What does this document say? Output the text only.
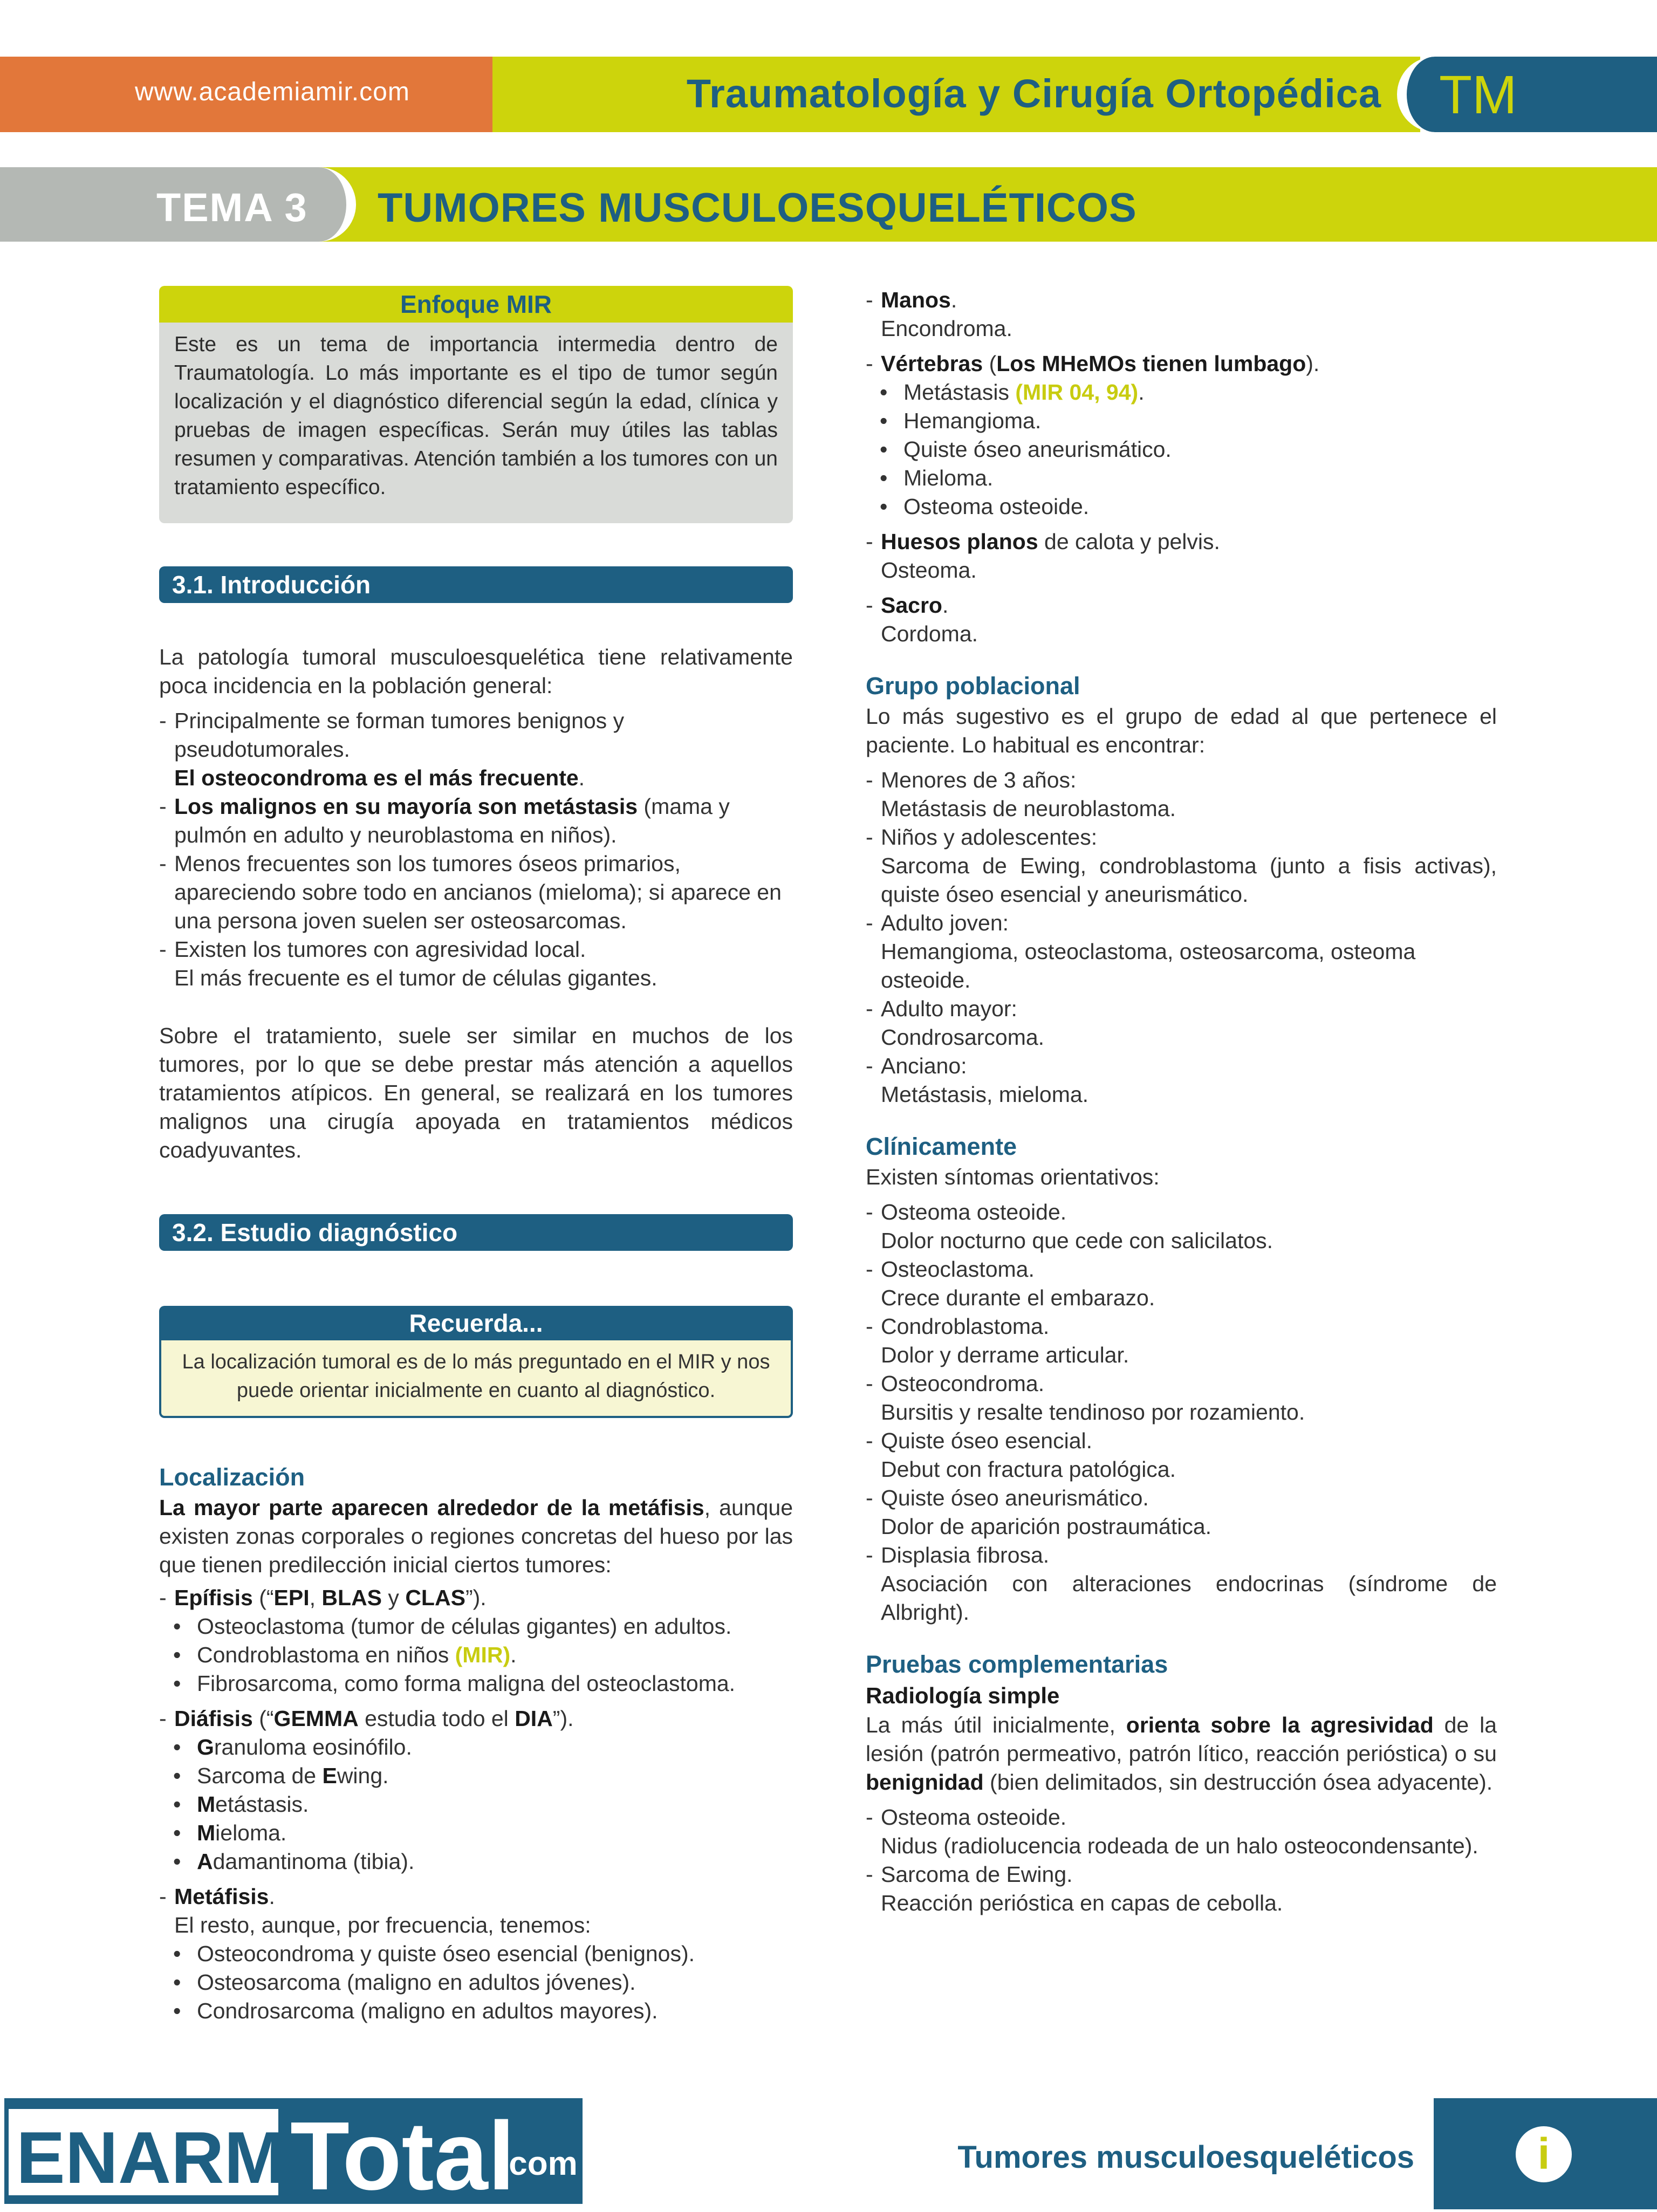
www.academiamir.com	Traumatología y Cirugía Ortopédica TM
TEMA 3 TUMORES MUSCULOESQUELÉTICOS
Enfoque MIR
Este es un tema de importancia intermedia dentro de Traumatología. Lo más importante es el tipo de tumor según localización y el diagnóstico diferencial según la edad, clínica y pruebas de imagen específicas. Serán muy útiles las tablas resumen y comparativas. Atención también a los tumores con un tratamiento específico.
3.1. Introducción

La patología tumoral musculoesquelética tiene relativamente poca incidencia en la población general:

- Principalmente se forman tumores benignos y pseudotumorales.
El osteocondroma es el más frecuente.
- Los malignos en su mayoría son metástasis (mama y pulmón en adulto y neuroblastoma en niños).
- Menos frecuentes son los tumores óseos primarios, apareciendo sobre todo en ancianos (mieloma); si aparece en una persona joven suelen ser osteosarcomas.
- Existen los tumores con agresividad local.
El más frecuente es el tumor de células gigantes.

Sobre el tratamiento, suele ser similar en muchos de los tumores, por lo que se debe prestar más atención a aquellos tratamientos atípicos. En general, se realizará en los tumores malignos una cirugía apoyada en tratamientos médicos coadyuvantes.

3.2. Estudio diagnóstico
Recuerda...
La localización tumoral es de lo más preguntado en el MIR y nos puede orientar inicialmente en cuanto al diagnóstico.
Localización

La mayor parte aparecen alrededor de la metáfisis, aunque existen zonas corporales o regiones concretas del hueso por las que tienen predilección inicial ciertos tumores:

- Epífisis (“EPI, BLAS y CLAS”).
• Osteoclastoma (tumor de células gigantes) en adultos.
• Condroblastoma en niños (MIR).
• Fibrosarcoma, como forma maligna del osteoclastoma.
- Diáfisis (“GEMMA estudia todo el DIA”).
• Granuloma eosinófilo.
• Sarcoma de Ewing.
• Metástasis.
• Mieloma.
• Adamantinoma (tibia).
- Metáfisis.
El resto, aunque, por frecuencia, tenemos:
• Osteocondroma y quiste óseo esencial (benignos).
• Osteosarcoma (maligno en adultos jóvenes).
• Condrosarcoma (maligno en adultos mayores).
- Manos.
Encondroma.
- Vértebras (Los MHeMOs tienen lumbago).
• Metástasis (MIR 04, 94).
• Hemangioma.
• Quiste óseo aneurismático.
• Mieloma.
• Osteoma osteoide.
- Huesos planos de calota y pelvis.
Osteoma.
- Sacro.
Cordoma.
Grupo poblacional

Lo más sugestivo es el grupo de edad al que pertenece el paciente. Lo habitual es encontrar:

- Menores de 3 años:
Metástasis de neuroblastoma.
- Niños y adolescentes:

Sarcoma de Ewing, condroblastoma (junto a fisis activas), quiste óseo esencial y aneurismático.

- Adulto joven:
Hemangioma, osteoclastoma, osteosarcoma, osteoma osteoide.
- Adulto mayor:
Condrosarcoma.
- Anciano:
Metástasis, mieloma.
Clínicamente

Existen síntomas orientativos:

- Osteoma osteoide.
Dolor nocturno que cede con salicilatos.
- Osteoclastoma.
Crece durante el embarazo.
- Condroblastoma.
Dolor y derrame articular.
- Osteocondroma.
Bursitis y resalte tendinoso por rozamiento.
- Quiste óseo esencial.
Debut con fractura patológica.
- Quiste óseo aneurismático.
Dolor de aparición postraumática.
- Displasia fibrosa.

Asociación con alteraciones endocrinas (síndrome de Albright).

Pruebas complementarias
Radiología simple

La más útil inicialmente, orienta sobre la agresividad de la lesión (patrón permeativo, patrón lítico, reacción perióstica) o su benignidad (bien delimitados, sin destrucción ósea adyacente).

- Osteoma osteoide.
Nidus (radiolucencia rodeada de un halo osteocondensante).
- Sarcoma de Ewing.
Reacción perióstica en capas de cebolla.
ENARM Total
.com	Tumores musculoesqueléticos	i
